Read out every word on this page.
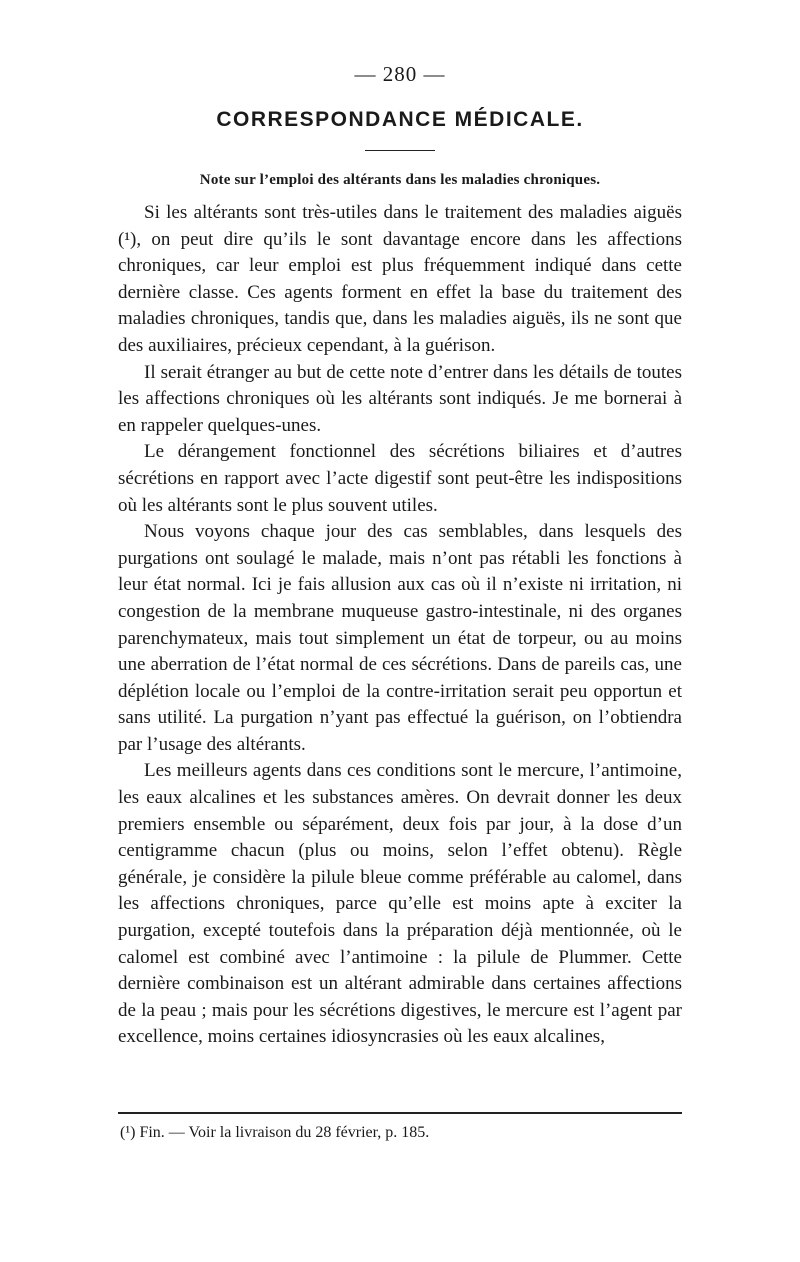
— 280 —
CORRESPONDANCE MÉDICALE.
Note sur l’emploi des altérants dans les maladies chroniques.

Si les altérants sont très-utiles dans le traitement des maladies aiguës (¹), on peut dire qu’ils le sont davantage encore dans les affections chroniques, car leur emploi est plus fréquemment indiqué dans cette dernière classe. Ces agents forment en effet la base du traitement des maladies chroniques, tandis que, dans les maladies aiguës, ils ne sont que des auxiliaires, précieux cependant, à la guérison.

Il serait étranger au but de cette note d’entrer dans les détails de toutes les affections chroniques où les altérants sont indiqués. Je me bornerai à en rappeler quelques-unes.

Le dérangement fonctionnel des sécrétions biliaires et d’autres sécrétions en rapport avec l’acte digestif sont peut-être les indispositions où les altérants sont le plus souvent utiles.

Nous voyons chaque jour des cas semblables, dans lesquels des purgations ont soulagé le malade, mais n’ont pas rétabli les fonctions à leur état normal. Ici je fais allusion aux cas où il n’existe ni irritation, ni congestion de la membrane muqueuse gastro-intestinale, ni des organes parenchymateux, mais tout simplement un état de torpeur, ou au moins une aberration de l’état normal de ces sécrétions. Dans de pareils cas, une déplétion locale ou l’emploi de la contre-irritation serait peu opportun et sans utilité. La purgation n’yant pas effectué la guérison, on l’obtiendra par l’usage des altérants.

Les meilleurs agents dans ces conditions sont le mercure, l’antimoine, les eaux alcalines et les substances amères. On devrait donner les deux premiers ensemble ou séparément, deux fois par jour, à la dose d’un centigramme chacun (plus ou moins, selon l’effet obtenu). Règle générale, je considère la pilule bleue comme préférable au calomel, dans les affections chroniques, parce qu’elle est moins apte à exciter la purgation, excepté toutefois dans la préparation déjà mentionnée, où le calomel est combiné avec l’antimoine : la pilule de Plummer. Cette dernière combinaison est un altérant admirable dans certaines affections de la peau ; mais pour les sécrétions digestives, le mercure est l’agent par excellence, moins certaines idiosyncrasies où les eaux alcalines,

(¹) Fin. — Voir la livraison du 28 février, p. 185.
